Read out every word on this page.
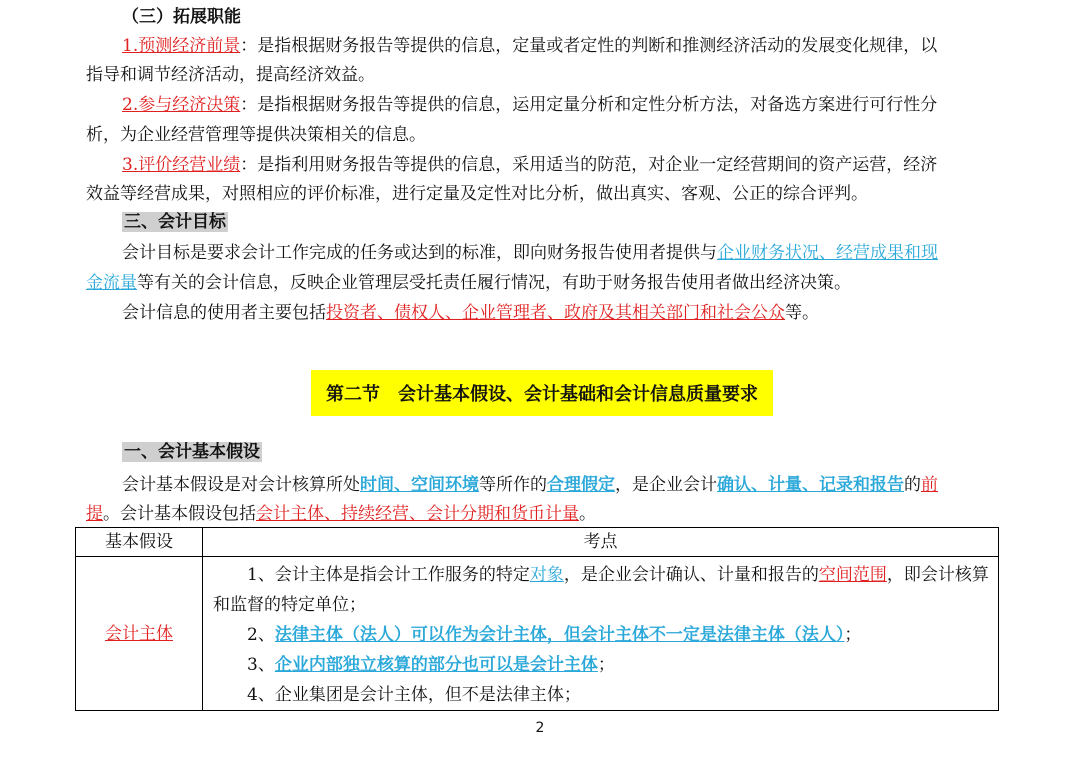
（三）拓展职能
1.预测经济前景：是指根据财务报告等提供的信息，定量或者定性的判断和推测经济活动的发展变化规律，以
指导和调节经济活动，提高经济效益。
2.参与经济决策：是指根据财务报告等提供的信息，运用定量分析和定性分析方法，对备选方案进行可行性分
析，为企业经营管理等提供决策相关的信息。
3.评价经营业绩：是指利用财务报告等提供的信息，采用适当的防范，对企业一定经营期间的资产运营，经济
效益等经营成果，对照相应的评价标准，进行定量及定性对比分析，做出真实、客观、公正的综合评判。
三、会计目标
会计目标是要求会计工作完成的任务或达到的标准，即向财务报告使用者提供与企业财务状况、经营成果和现
金流量等有关的会计信息，反映企业管理层受托责任履行情况，有助于财务报告使用者做出经济决策。
会计信息的使用者主要包括投资者、债权人、企业管理者、政府及其相关部门和社会公众等。
第二节　会计基本假设、会计基础和会计信息质量要求
一、会计基本假设
会计基本假设是对会计核算所处时间、空间环境等所作的合理假定，是企业会计确认、计量、记录和报告的前
提。会计基本假设包括会计主体、持续经营、会计分期和货币计量。
基本假设	考点
会计主体	1、会计主体是指会计工作服务的特定对象，是企业会计确认、计量和报告的空间范围，即会计核算和监督的特定单位；
2、法律主体（法人）可以作为会计主体，但会计主体不一定是法律主体（法人）；
3、企业内部独立核算的部分也可以是会计主体；
4、企业集团是会计主体，但不是法律主体；
2
